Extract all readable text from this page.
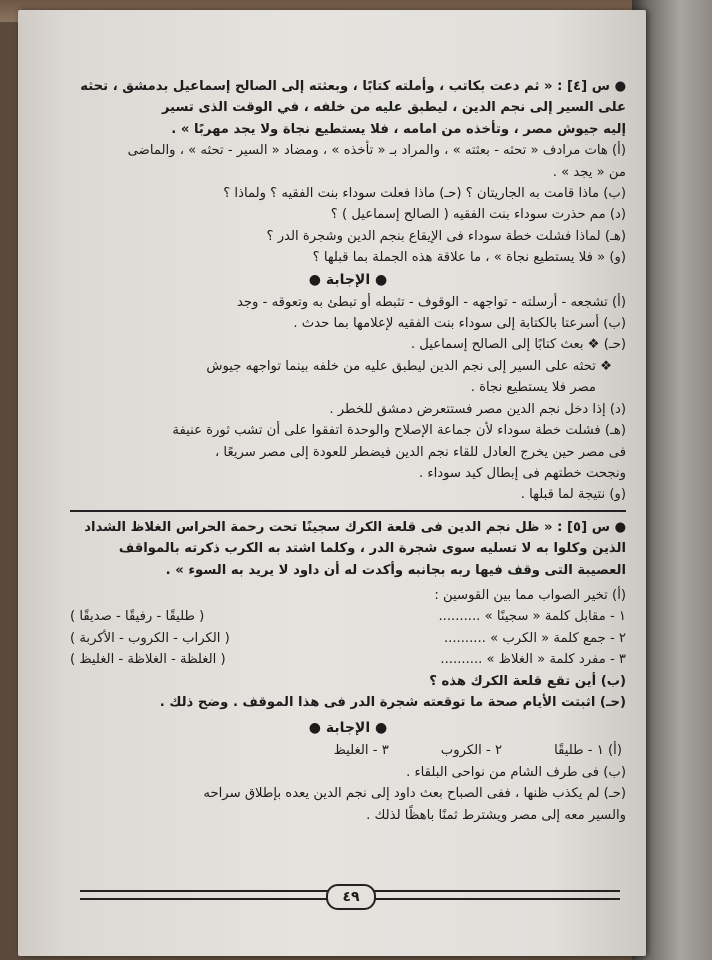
● س [٤] : « ثم دعت بكاتب ، وأملته كتابًا ، وبعثته إلى الصالح إسماعيل بدمشق ، تحثه

على السير إلى نجم الدين ، ليطبق عليه من خلفه ، في الوقت الذى تسير

إليه جيوش مصر ، وتأخذه من امامه ، فلا يستطيع نجاة ولا يجد مهربًا » .

(أ) هات مرادف « تحثه - بعثته » ، والمراد بـ « تأخذه » ، ومضاد « السير - تحثه » ، والماضى

من « يجد » .

(ب) ماذا قامت به الجاريتان ؟ (حـ) ماذا فعلت سوداء بنت الفقيه ؟ ولماذا ؟

(د) مم حذرت سوداء بنت الفقيه ( الصالح إسماعيل ) ؟

(هـ) لماذا فشلت خطة سوداء فى الإيقاع بنجم الدين وشجرة الدر ؟

(و) « فلا يستطيع نجاة » ، ما علاقة هذه الجملة بما قبلها ؟

● الإجابة ●

(أ) تشجعه - أرسلته - تواجهه - الوقوف - تثبطه أو تبطئ به وتعوقه - وجد

(ب) أسرعتا بالكتابة إلى سوداء بنت الفقيه لإعلامها بما حدث .

(حـ) ❖ بعث كتابًا إلى الصالح إسماعيل .

❖ تحثه على السير إلى نجم الدين ليطبق عليه من خلفه بينما تواجهه جيوش

مصر فلا يستطيع نجاة .

(د) إذا دخل نجم الدين مصر فستتعرض دمشق للخطر .

(هـ) فشلت خطة سوداء لأن جماعة الإصلاح والوحدة اتفقوا على أن تشب ثورة عنيفة

فى مصر حين يخرج العادل للقاء نجم الدين فيضطر للعودة إلى مصر سريعًا ،

ونجحت خطتهم فى إبطال كيد سوداء .

(و) نتيجة لما قبلها .

● س [٥] : « ظل نجم الدين فى قلعة الكرك سجينًا تحت رحمة الحراس الغلاظ الشداد

الذين وكلوا به لا تسليه سوى شجرة الدر ، وكلما اشتد به الكرب ذكرته بالمواقف

العصيبة التى وقف فيها ربه بجانبه وأكدت له أن داود لا يريد به السوء » .

(أ) تخير الصواب مما بين القوسين :

١ - مقابل كلمة « سجينًا » ..........
( طليقًا - رفيقًا - صديقًا )
٢ - جمع كلمة « الكرب » ..........
( الكراب - الكروب - الأكربة )
٣ - مفرد كلمة « الغلاظ » ..........
( الغلظة - الغلاظة - الغليظ )

(ب) أين تقع قلعة الكرك هذه ؟

(حـ) اثبتت الأيام صحة ما توقعته شجرة الدر فى هذا الموقف . وضح ذلك .

● الإجابة ●

(أ) ١ - طليقًا
٢ - الكروب
٣ - الغليظ

(ب) فى طرف الشام من نواحى البلقاء .

(حـ) لم يكذب ظنها ، ففى الصباح بعث داود إلى نجم الدين يعده بإطلاق سراحه

والسير معه إلى مصر ويشترط ثمنًا باهظًا لذلك .

٤٩
